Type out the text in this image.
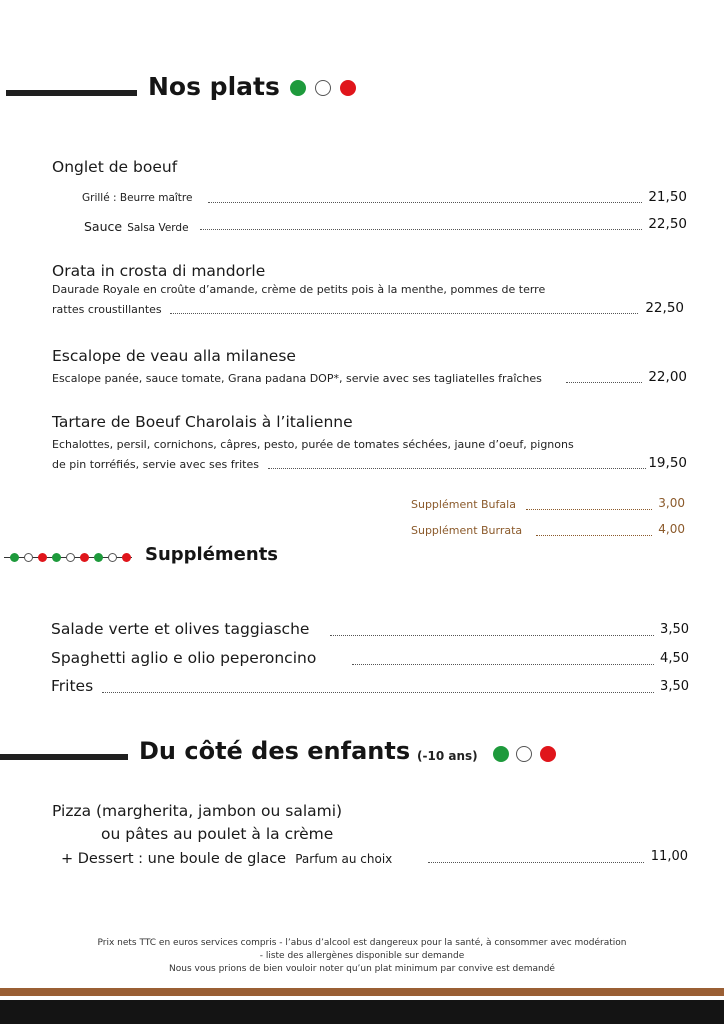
Nos plats
Onglet de boeuf
Grillé : Beurre maître	21,50
Sauce Salsa Verde	22,50
Orata in crosta di mandorle
Daurade Royale en croûte d’amande, crème de petits pois à la menthe, pommes de terre
rattes croustillantes	22,50
Escalope de veau alla milanese
Escalope panée, sauce tomate, Grana padana DOP*, servie avec ses tagliatelles fraîches	22,00
Tartare de Boeuf Charolais à l’italienne
Echalottes, persil, cornichons, câpres, pesto, purée de tomates séchées, jaune d’oeuf, pignons
de pin torréfiés, servie avec ses frites	19,50
Supplément Bufala	3,00
Supplément Burrata	4,00
Suppléments
Salade verte et olives taggiasche	3,50
Spaghetti aglio e olio peperoncino	4,50
Frites	3,50
Du côté des enfants (-10 ans)
Pizza (margherita, jambon ou salami)
ou pâtes au poulet à la crème
+ Dessert : une boule de glace Parfum au choix	11,00
Prix nets TTC en euros services compris - l’abus d’alcool est dangereux pour la santé, à consommer avec modération
- liste des allergènes disponible sur demande
Nous vous prions de bien vouloir noter qu’un plat minimum par convive est demandé
